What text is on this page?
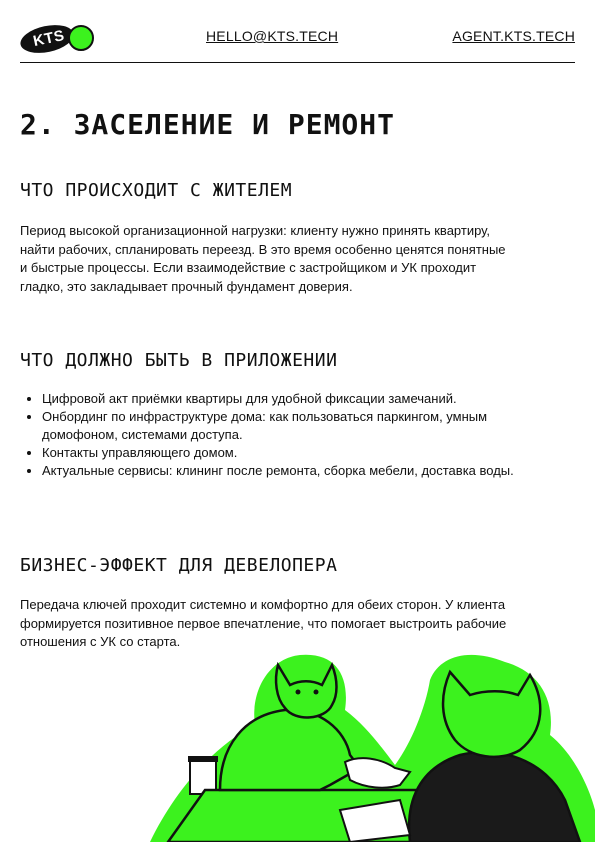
KTS	HELLO@KTS.TECH	AGENT.KTS.TECH
2. ЗАСЕЛЕНИЕ И РЕМОНТ
ЧТО ПРОИСХОДИТ С ЖИТЕЛЕМ

Период высокой организационной нагрузки: клиенту нужно принять квартиру, найти рабочих, спланировать переезд. В это время особенно ценятся понятные и быстрые процессы. Если взаимодействие с застройщиком и УК проходит гладко, это закладывает прочный фундамент доверия.

ЧТО ДОЛЖНО БЫТЬ В ПРИЛОЖЕНИИ
• Цифровой акт приёмки квартиры для удобной фиксации замечаний.
• Онбординг по инфраструктуре дома: как пользоваться паркингом, умным домофоном, системами доступа.
• Контакты управляющего домом.
• Актуальные сервисы: клининг после ремонта, сборка мебели, доставка воды.
БИЗНЕС-ЭФФЕКТ ДЛЯ ДЕВЕЛОПЕРА

Передача ключей проходит системно и комфортно для обеих сторон. У клиента формируется позитивное первое впечатление, что помогает выстроить рабочие отношения с УК со старта.
